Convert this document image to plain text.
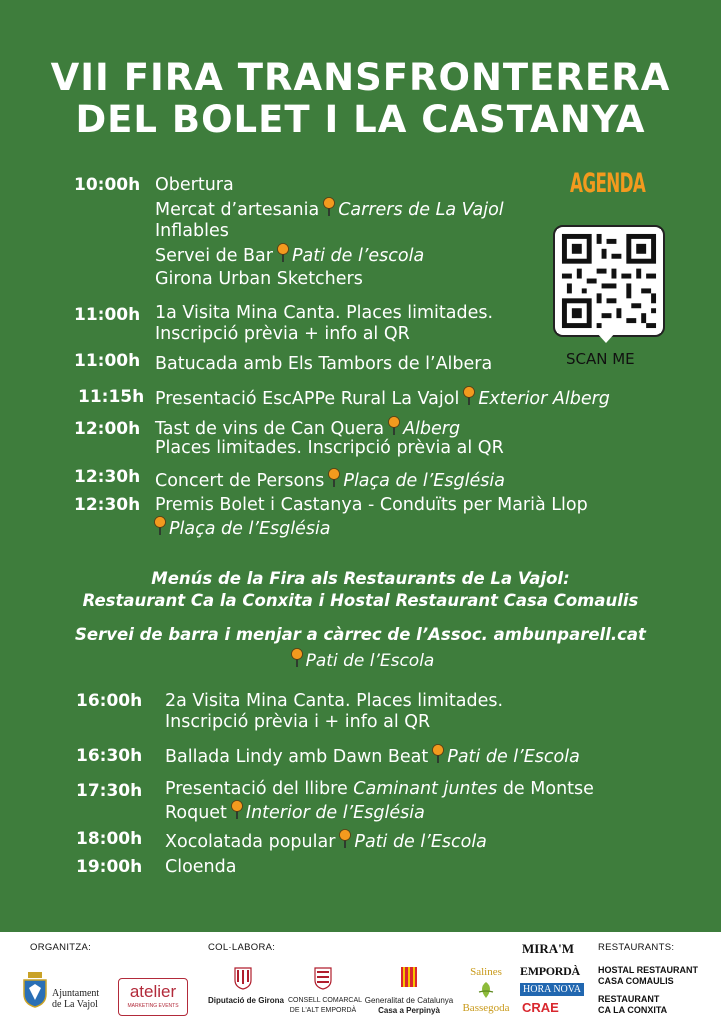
VII FIRA TRANSFRONTERERA
DEL BOLET I LA CASTANYA
AGENDA
SCAN ME
10:00h
11:00h
11:00h
11:15h
12:00h
12:30h
12:30h
Obertura
Mercat d’artesania Carrers de La Vajol
Inflables
Servei de Bar Pati de l’escola
Girona Urban Sketchers
1a Visita Mina Canta. Places limitades.
Inscripció prèvia + info al QR
Batucada amb Els Tambors de l’Albera
Presentació EscAPPe Rural La Vajol Exterior Alberg
Tast de vins de Can Quera Alberg
Places limitades. Inscripció prèvia al QR
Concert de Persons Plaça de l’Església
Premis Bolet i Castanya - Conduïts per Marià Llop
Plaça de l’Església
Menús de la Fira als Restaurants de La Vajol:
Restaurant Ca la Conxita i Hostal Restaurant Casa Comaulis
Servei de barra i menjar a càrrec de l’Assoc. ambunparell.cat
Pati de l’Escola
16:00h
16:30h
17:30h
18:00h
19:00h
2a Visita Mina Canta. Places limitades.
Inscripció prèvia i + info al QR
Ballada Lindy amb Dawn Beat Pati de l’Escola
Presentació del llibre Caminant juntes de Montse
Roquet Interior de l’Església
Xocolatada popular Pati de l’Escola
Cloenda
ORGANITZA:	COL·LABORA:	RESTAURANTS:
Ajuntament
de La Vajol
atelier
MARKETING EVENTS
Diputació de Girona CONSELL COMARCAL
DE L'ALT EMPORDÀ
Generalitat de Catalunya
Casa a Perpinyà
Salines
Bassegoda
MIRA'M
EMPORDÀ
HORA NOVA
CRAE
HOSTAL RESTAURANT
CASA COMAULIS
RESTAURANT
CA LA CONXITA
